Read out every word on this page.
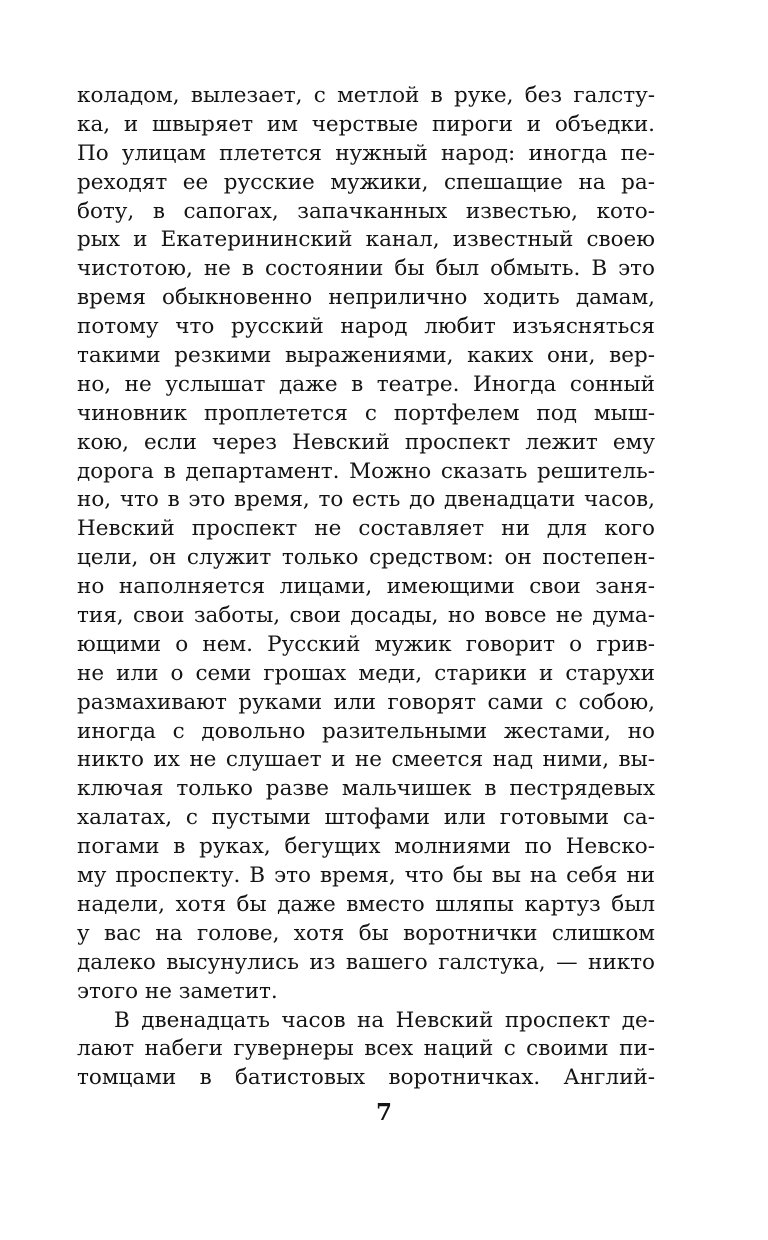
коладом, вылезает, с метлой в руке, без галсту-
ка, и швыряет им черствые пироги и объедки.
По улицам плетется нужный народ: иногда пе-
реходят ее русские мужики, спешащие на ра-
боту, в сапогах, запачканных известью, кото-
рых и Екатерининский канал, известный своею
чистотою, не в состоянии бы был обмыть. В это
время обыкновенно неприлично ходить дамам,
потому что русский народ любит изъясняться
такими резкими выражениями, каких они, вер-
но, не услышат даже в театре. Иногда сонный
чиновник проплетется с портфелем под мыш-
кою, если через Невский проспект лежит ему
дорога в департамент. Можно сказать решитель-
но, что в это время, то есть до двенадцати часов,
Невский проспект не составляет ни для кого
цели, он служит только средством: он постепен-
но наполняется лицами, имеющими свои заня-
тия, свои заботы, свои досады, но вовсе не дума-
ющими о нем. Русский мужик говорит о грив-
не или о семи грошах меди, старики и старухи
размахивают руками или говорят сами с собою,
иногда с довольно разительными жестами, но
никто их не слушает и не смеется над ними, вы-
ключая только разве мальчишек в пестрядевых
халатах, с пустыми штофами или готовыми са-
погами в руках, бегущих молниями по Невско-
му проспекту. В это время, что бы вы на себя ни
надели, хотя бы даже вместо шляпы картуз был
у вас на голове, хотя бы воротнички слишком
далеко высунулись из вашего галстука, — никто
этого не заметит.
В двенадцать часов на Невский проспект де-
лают набеги гувернеры всех наций с своими пи-
томцами в батистовых воротничках. Англий-
7
